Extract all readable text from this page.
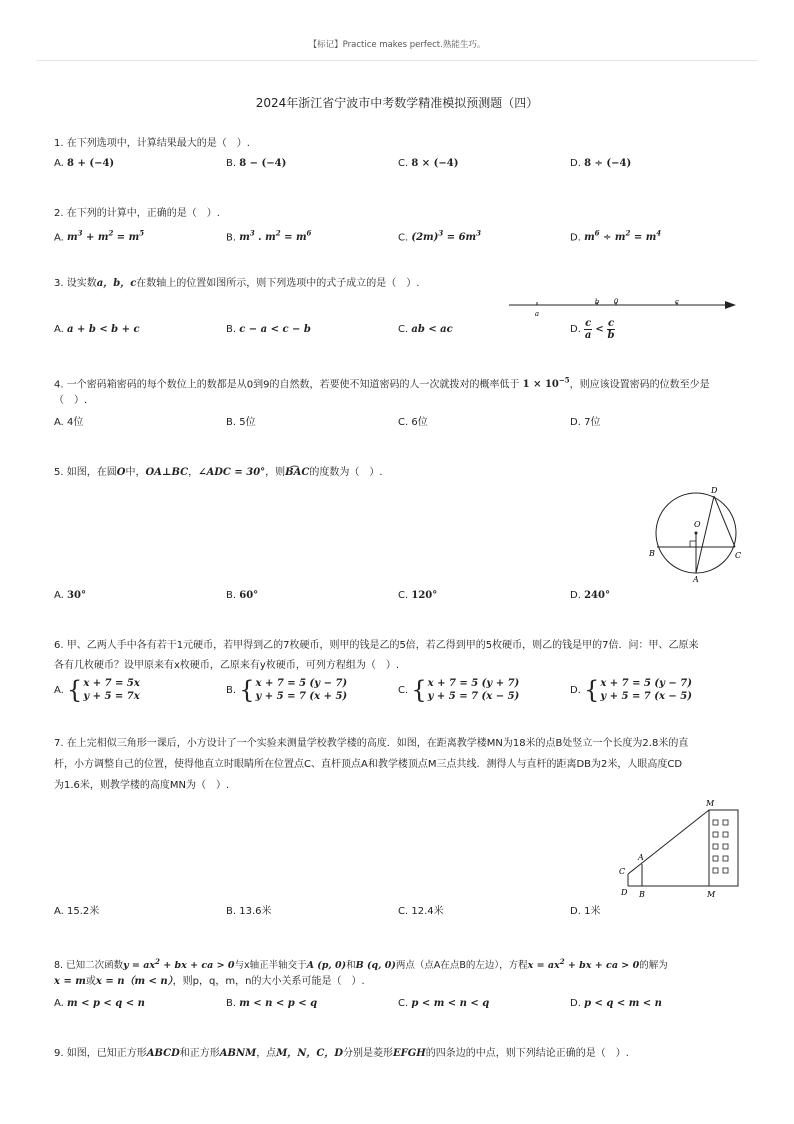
【标记】Practice makes perfect.熟能生巧。
2024年浙江省宁波市中考数学精准模拟预测题（四）
1. 在下列选项中，计算结果最大的是（　）.
A. 8 + (−4)	B. 8 − (−4)	C. 8 × (−4)	D. 8 ÷ (−4)
2. 在下列的计算中，正确的是（　）.
A. $m^3 + m^2 = m^5$	B. $m^3$ . $m^2 = m^6$	C. $(2m)^3 = 6m^3$	D. $m^6 \div m^2 = m^4$
3. 设实数a，b，c在数轴上的位置如图所示，则下列选项中的式子成立的是（　）.
a
b 0	c
A. a + b < b + c	B. c − a < c − b	C. ab < ac	D. $\frac{c}{a} < \frac{c}{b}$
4. 一个密码箱密码的每个数位上的数都是从0到9的自然数，若要使不知道密码的人一次就拨对的概率低于 $1 \times 10^{-5}$，则应该设置密码的位数至少是
（　）.
A. 4位	B. 5位	C. 6位	D. 7位
5. 如图，在圆O中，OA⊥BC，∠ADC = 30°，则B͡AC的度数为（　）.
D
O
B	C
A
A. 30°	B. 60°	C. 120°	D. 240°
6. 甲、乙两人手中各有若干1元硬币，若甲得到乙的7枚硬币，则甲的钱是乙的5倍，若乙得到甲的5枚硬币，则乙的钱是甲的7倍．问：甲、乙原来
各有几枚硬币？设甲原来有x枚硬币，乙原来有y枚硬币，可列方程组为（　）.
A. { x + 7 = 5x
y + 5 = 7x
B. { x + 7 = 5 (y − 7)
y + 5 = 7 (x + 5)
C. { x + 7 = 5 (y + 7)
y + 5 = 7 (x − 5)
D. { x + 7 = 5 (y − 7)
y + 5 = 7 (x − 5)
7. 在上完相似三角形一课后，小方设计了一个实验来测量学校教学楼的高度．如图，在距离教学楼MN为18米的点B处竖立一个长度为2.8米的直
杆，小方调整自己的位置，使得他直立时眼睛所在位置点C、直杆顶点A和教学楼顶点M三点共线．测得人与直杆的距离DB为2米，人眼高度CD
为1.6米，则教学楼的高度MN为（　）.
M
A
C
D B	M
A. 15.2米	B. 13.6米	C. 12.4米	D. 1米
8. 已知二次函数$y = ax^2$ + bx + ca > 0与x轴正半轴交于A (p, 0)和B (q, 0)两点（点A在点B的左边），方程$x = ax^2$ + bx + ca > 0的解为
x = m或x = n（m < n），则p，q，m，n的大小关系可能是（　）.
A. m < p < q < n	B. m < n < p < q	C. p < m < n < q	D. p < q < m < n
9. 如图，已知正方形ABCD和正方形ABNM，点M，N，C，D分别是菱形EFGH的四条边的中点，则下列结论正确的是（　）.
